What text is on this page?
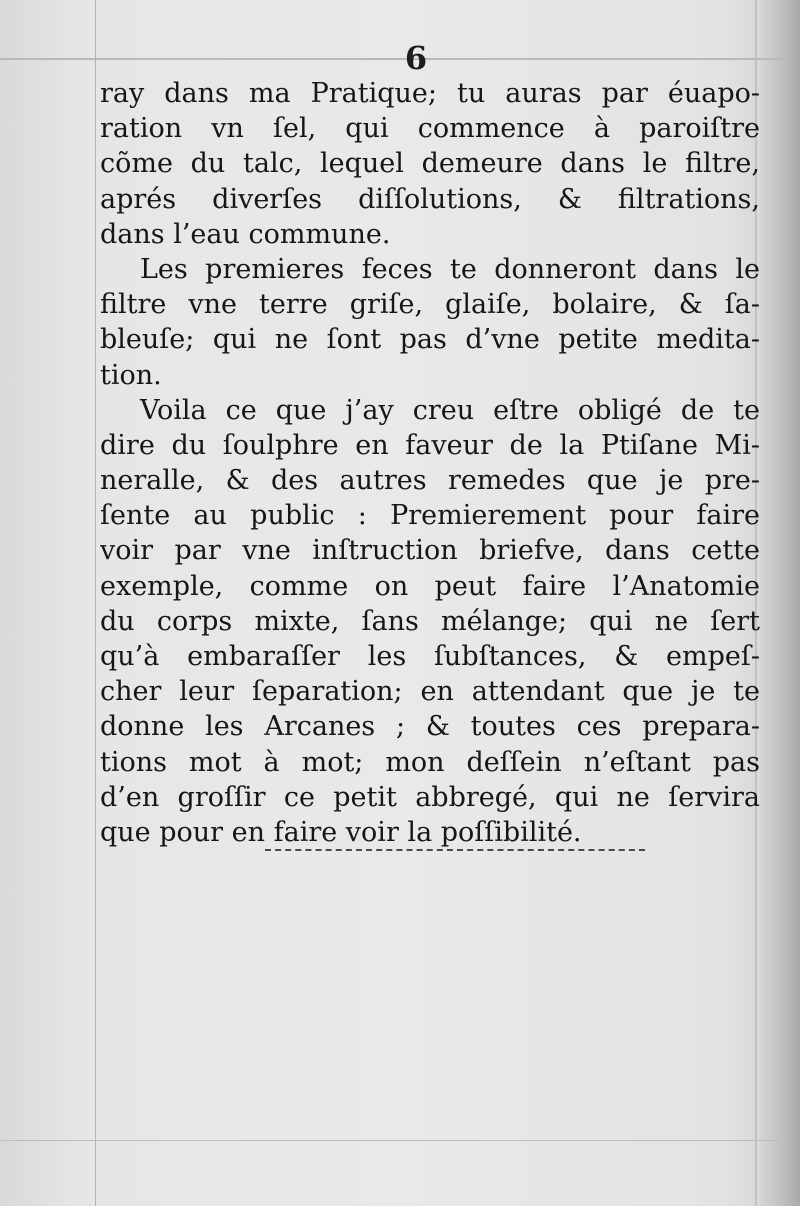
6
ray dans ma Pratique; tu auras par éuapo-
ration vn ſel, qui commence à paroiſtre
cõme du talc, lequel demeure dans le filtre,
aprés diverſes diſſolutions, & filtrations,
dans l’eau commune.
Les premieres feces te donneront dans le
filtre vne terre griſe, glaiſe, bolaire, & ſa-
bleuſe; qui ne ſont pas d’vne petite medita-
tion.
Voila ce que j’ay creu eſtre obligé de te
dire du ſoulphre en faveur de la Ptiſane Mi-
neralle, & des autres remedes que je pre-
ſente au public : Premierement pour faire
voir par vne inſtruction briefve, dans cette
exemple, comme on peut faire l’Anatomie
du corps mixte, ſans mélange; qui ne ſert
qu’à embaraſſer les ſubſtances, & empeſ-
cher leur ſeparation; en attendant que je te
donne les Arcanes ; & toutes ces prepara-
tions mot à mot; mon deſſein n’eſtant pas
d’en groſſir ce petit abbregé, qui ne ſervira
que pour en faire voir la poſſibilité.
